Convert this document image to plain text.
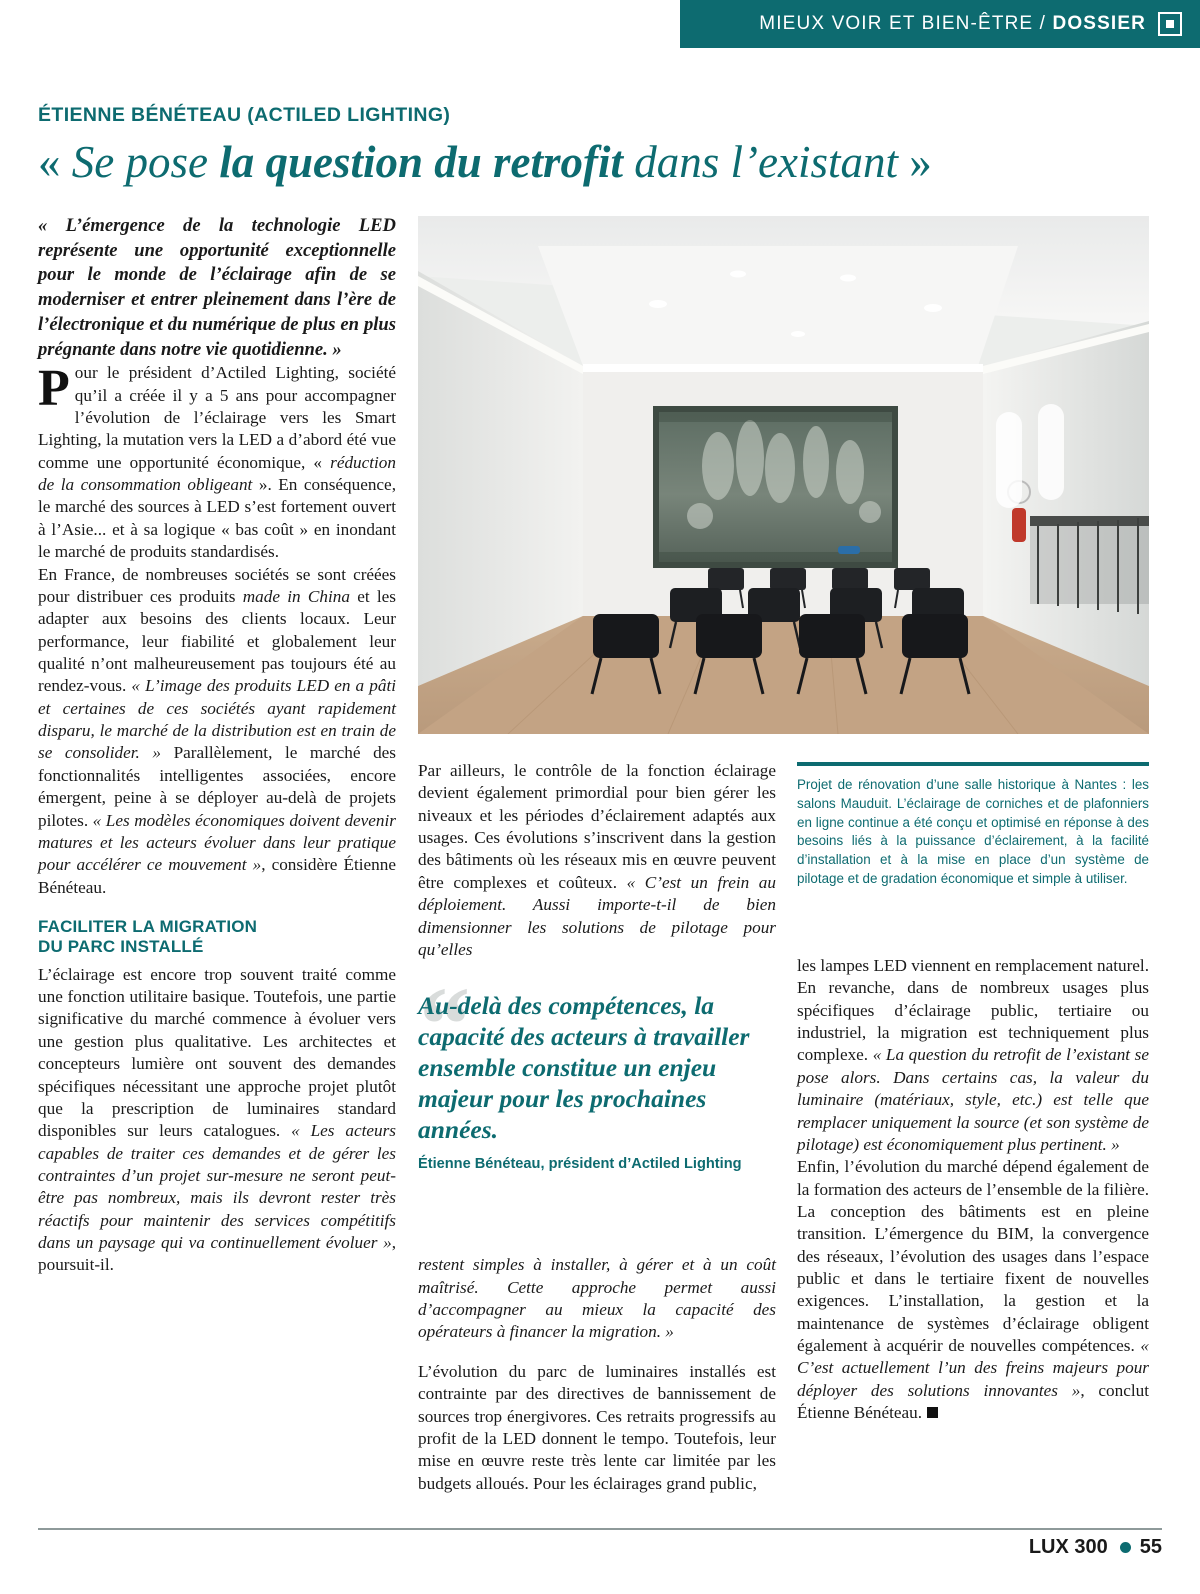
MIEUX VOIR ET BIEN-ÊTRE / DOSSIER
ÉTIENNE BÉNÉTEAU (ACTILED LIGHTING)
« Se pose la question du retrofit dans l’existant »

« L’émergence de la technologie LED représente une opportunité exceptionnelle pour le monde de l’éclairage afin de se moderniser et entrer pleinement dans l’ère de l’électronique et du numérique de plus en plus prégnante dans notre vie quotidienne. »

Pour le président d’Actiled Lighting, société qu’il a créée il y a 5 ans pour accompagner l’évolution de l’éclairage vers les Smart Lighting, la mutation vers la LED a d’abord été vue comme une opportunité économique, « réduction de la consommation obligeant ». En conséquence, le marché des sources à LED s’est fortement ouvert à l’Asie... et à sa logique « bas coût » en inondant le marché de produits standardisés.

En France, de nombreuses sociétés se sont créées pour distribuer ces produits made in China et les adapter aux besoins des clients locaux. Leur performance, leur fiabilité et globalement leur qualité n’ont malheureusement pas toujours été au rendez-vous. « L’image des produits LED en a pâti et certaines de ces sociétés ayant rapidement disparu, le marché de la distribution est en train de se consolider. » Parallèlement, le marché des fonctionnalités intelligentes associées, encore émergent, peine à se déployer au-delà de projets pilotes. « Les modèles économiques doivent devenir matures et les acteurs évoluer dans leur pratique pour accélérer ce mouvement », considère Étienne Bénéteau.

FACILITER LA MIGRATION
DU PARC INSTALLÉ

L’éclairage est encore trop souvent traité comme une fonction utilitaire basique. Toutefois, une partie significative du marché commence à évoluer vers une gestion plus qualitative. Les architectes et concepteurs lumière ont souvent des demandes spécifiques nécessitant une approche projet plutôt que la prescription de luminaires standard disponibles sur leurs catalogues. « Les acteurs capables de traiter ces demandes et de gérer les contraintes d’un projet sur-mesure ne seront peut-être pas nombreux, mais ils devront rester très réactifs pour maintenir des services compétitifs dans un paysage qui va continuellement évoluer », poursuit-il.

Par ailleurs, le contrôle de la fonction éclairage devient également primordial pour bien gérer les niveaux et les périodes d’éclairement adaptés aux usages. Ces évolutions s’inscrivent dans la gestion des bâtiments où les réseaux mis en œuvre peuvent être complexes et coûteux. « C’est un frein au déploiement. Aussi importe-t-il de bien dimensionner les solutions de pilotage pour qu’elles

“
Au-delà des compétences, la capacité des acteurs à travailler ensemble constitue un enjeu majeur pour les prochaines années.
Étienne Bénéteau, président d’Actiled Lighting

restent simples à installer, à gérer et à un coût maîtrisé. Cette approche permet aussi d’accompagner au mieux la capacité des opérateurs à financer la migration. »

L’évolution du parc de luminaires installés est contrainte par des directives de bannissement de sources trop énergivores. Ces retraits progressifs au profit de la LED donnent le tempo. Toutefois, leur mise en œuvre reste très lente car limitée par les budgets alloués. Pour les éclairages grand public,

Projet de rénovation d’une salle historique à Nantes : les salons Mauduit. L’éclairage de corniches et de plafonniers en ligne continue a été conçu et optimisé en réponse à des besoins liés à la puissance d’éclairement, à la facilité d’installation et à la mise en place d’un système de pilotage et de gradation économique et simple à utiliser.

les lampes LED viennent en remplacement naturel. En revanche, dans de nombreux usages plus spécifiques d’éclairage public, tertiaire ou industriel, la migration est techniquement plus complexe. « La question du retrofit de l’existant se pose alors. Dans certains cas, la valeur du luminaire (matériaux, style, etc.) est telle que remplacer uniquement la source (et son système de pilotage) est économiquement plus pertinent. »

Enfin, l’évolution du marché dépend également de la formation des acteurs de l’ensemble de la filière. La conception des bâtiments est en pleine transition. L’émergence du BIM, la convergence des réseaux, l’évolution des usages dans l’espace public et dans le tertiaire fixent de nouvelles exigences. L’installation, la gestion et la maintenance de systèmes d’éclairage obligent également à acquérir de nouvelles compétences. « C’est actuellement l’un des freins majeurs pour déployer des solutions innovantes », conclut Étienne Bénéteau.

LUX 300 55
